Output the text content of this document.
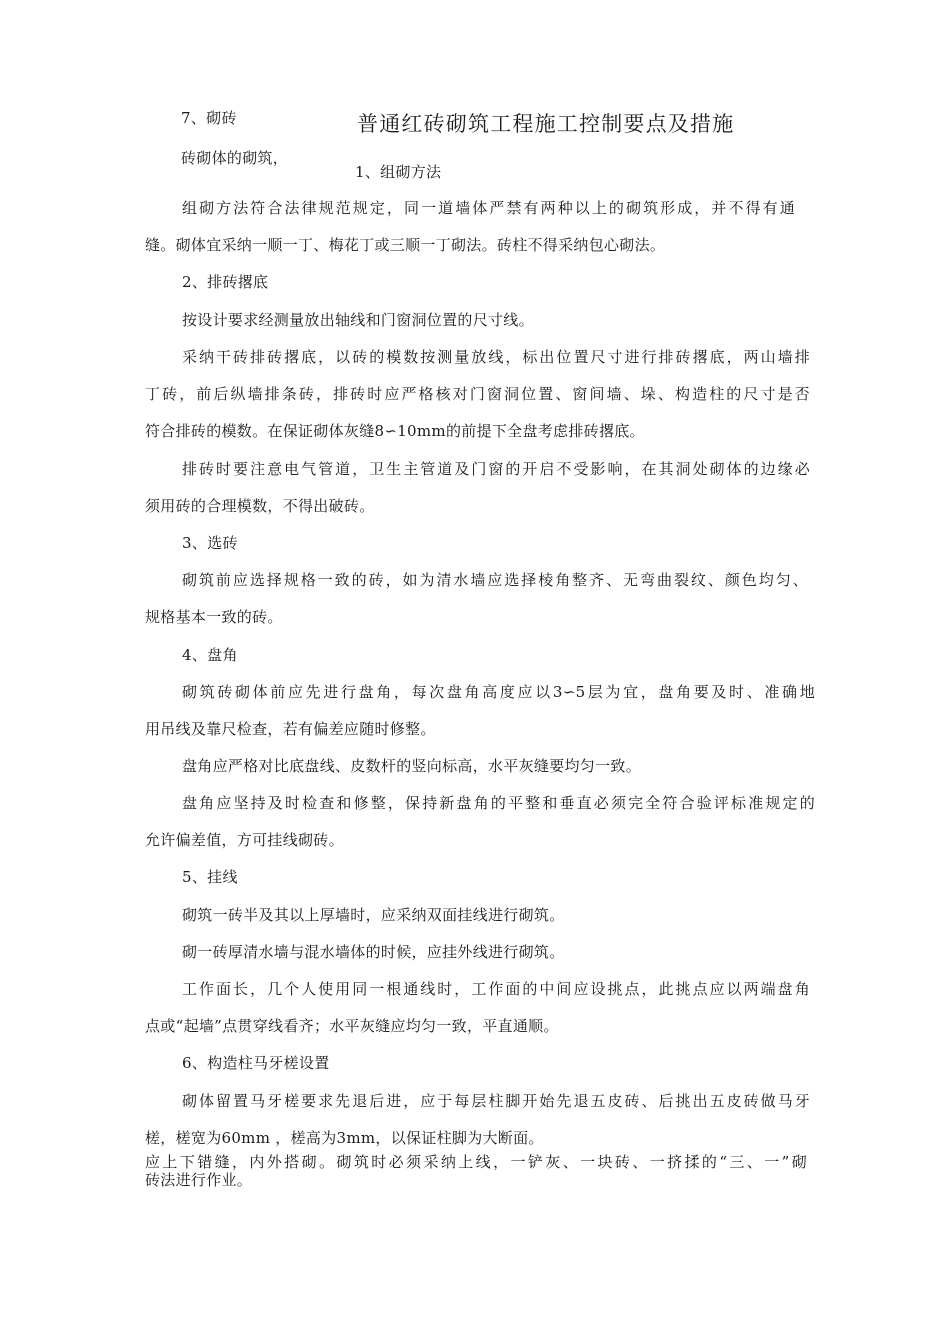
7、砌砖	普通红砖砌筑工程施工控制要点及措施
砖砌体的砌筑，
1、组砌方法
组砌方法符合法律规范规定，同一道墙体严禁有两种以上的砌筑形成，并不得有通
缝。砌体宜采纳一顺一丁、梅花丁或三顺一丁砌法。砖柱不得采纳包心砌法。
2、排砖撂底
按设计要求经测量放出轴线和门窗洞位置的尺寸线。
采纳干砖排砖撂底，以砖的模数按测量放线，标出位置尺寸进行排砖撂底，两山墙排
丁砖，前后纵墙排条砖，排砖时应严格核对门窗洞位置、窗间墙、垛、构造柱的尺寸是否
符合排砖的模数。在保证砌体灰缝8∽10mm的前提下全盘考虑排砖撂底。
排砖时要注意电气管道，卫生主管道及门窗的开启不受影响，在其洞处砌体的边缘必
须用砖的合理模数，不得出破砖。
3、选砖
砌筑前应选择规格一致的砖，如为清水墙应选择棱角整齐、无弯曲裂纹、颜色均匀、
规格基本一致的砖。
4、盘角
砌筑砖砌体前应先进行盘角，每次盘角高度应以3∽5层为宜，盘角要及时、准确地
用吊线及靠尺检查，若有偏差应随时修整。
盘角应严格对比底盘线、皮数杆的竖向标高，水平灰缝要均匀一致。
盘角应坚持及时检查和修整，保持新盘角的平整和垂直必须完全符合验评标准规定的
允许偏差值，方可挂线砌砖。
5、挂线
砌筑一砖半及其以上厚墙时，应采纳双面挂线进行砌筑。
砌一砖厚清水墙与混水墙体的时候，应挂外线进行砌筑。
工作面长，几个人使用同一根通线时，工作面的中间应设挑点，此挑点应以两端盘角
点或“起墙”点贯穿线看齐；水平灰缝应均匀一致，平直通顺。
6、构造柱马牙槎设置
砌体留置马牙槎要求先退后进，应于每层柱脚开始先退五皮砖、后挑出五皮砖做马牙
槎，槎宽为60mm ，槎高为3mm，以保证柱脚为大断面。
应上下错缝，内外搭砌。砌筑时必须采纳上线，一铲灰、一块砖、一挤揉的“三、一”砌
砖法进行作业。
